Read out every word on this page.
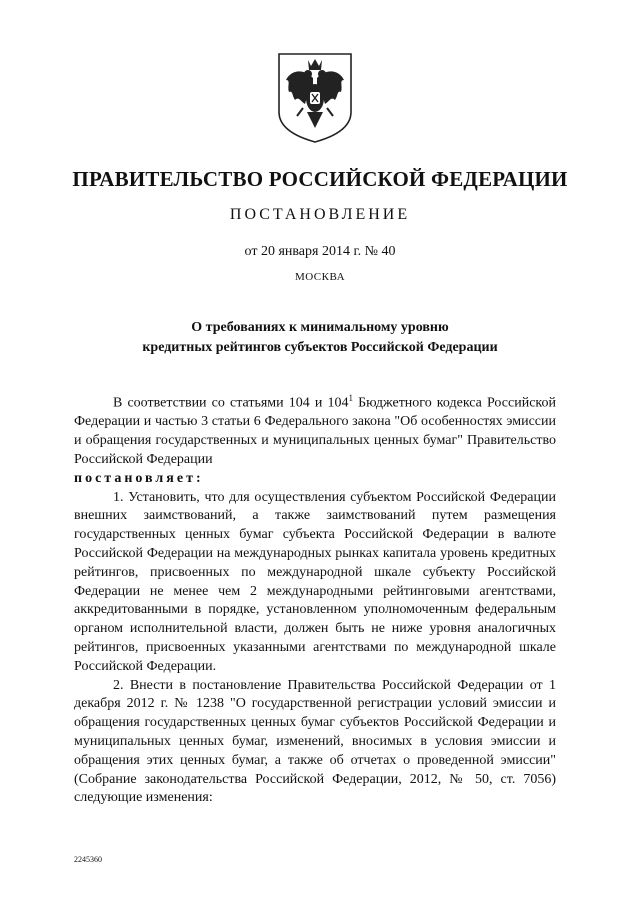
ПРАВИТЕЛЬСТВО РОССИЙСКОЙ ФЕДЕРАЦИИ
ПОСТАНОВЛЕНИЕ
от 20 января 2014 г. № 40
МОСКВА
О требованиях к минимальному уровню
кредитных рейтингов субъектов Российской Федерации

В соответствии со статьями 104 и $104^1$ Бюджетного кодекса Российской Федерации и частью 3 статьи 6 Федерального закона "Об особенностях эмиссии и обращения государственных и муниципальных ценных бумаг" Правительство Российской Федерации

постановляет:

1. Установить, что для осуществления субъектом Российской Федерации внешних заимствований, а также заимствований путем размещения государственных ценных бумаг субъекта Российской Федерации в валюте Российской Федерации на международных рынках капитала уровень кредитных рейтингов, присвоенных по международной шкале субъекту Российской Федерации не менее чем 2 международными рейтинговыми агентствами, аккредитованными в порядке, установленном уполномоченным федеральным органом исполнительной власти, должен быть не ниже уровня аналогичных рейтингов, присвоенных указанными агентствами по международной шкале Российской Федерации.

2. Внести в постановление Правительства Российской Федерации от 1 декабря 2012 г. № 1238 "О государственной регистрации условий эмиссии и обращения государственных ценных бумаг субъектов Российской Федерации и муниципальных ценных бумаг, изменений, вносимых в условия эмиссии и обращения этих ценных бумаг, а также об отчетах о проведенной эмиссии" (Собрание законодательства Российской Федерации, 2012, № 50, ст. 7056) следующие изменения:

2245360
